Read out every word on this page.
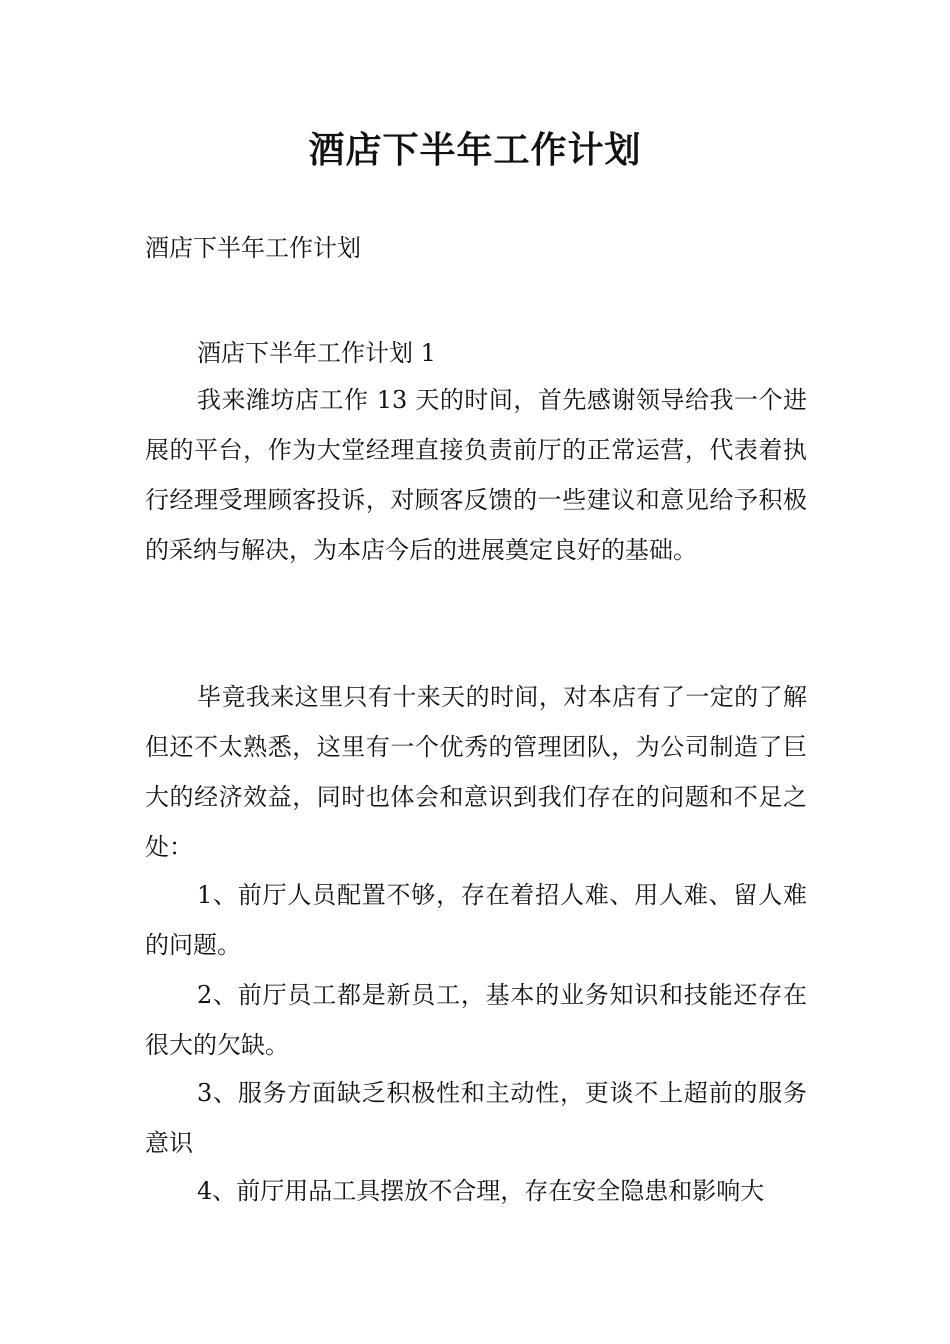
酒店下半年工作计划

酒店下半年工作计划

酒店下半年工作计划 1

我来潍坊店工作 13 天的时间，首先感谢领导给我一个进展的平台，作为大堂经理直接负责前厅的正常运营，代表着执行经理受理顾客投诉，对顾客反馈的一些建议和意见给予积极的采纳与解决，为本店今后的进展奠定良好的基础。

毕竟我来这里只有十来天的时间，对本店有了一定的了解但还不太熟悉，这里有一个优秀的管理团队，为公司制造了巨大的经济效益，同时也体会和意识到我们存在的问题和不足之处：

1、前厅人员配置不够，存在着招人难、用人难、留人难的问题。

2、前厅员工都是新员工，基本的业务知识和技能还存在很大的欠缺。

3、服务方面缺乏积极性和主动性，更谈不上超前的服务意识

4、前厅用品工具摆放不合理，存在安全隐患和影响大
